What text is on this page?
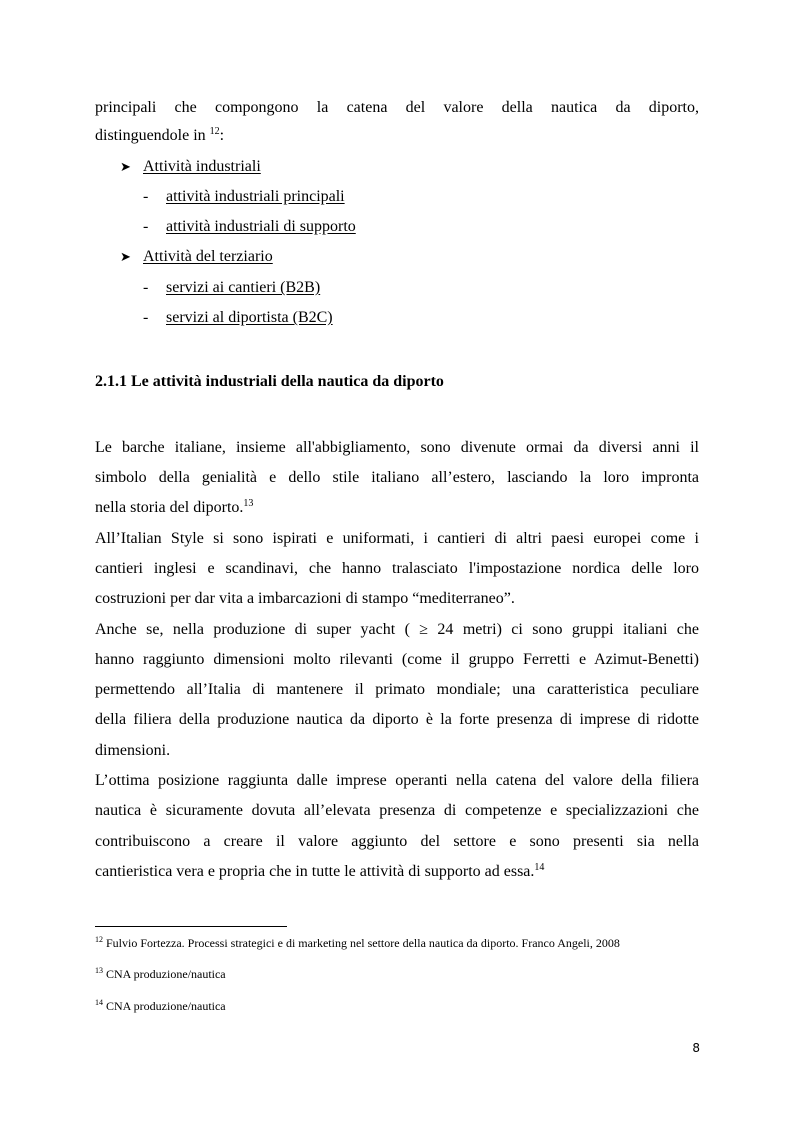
principali che compongono la catena del valore della nautica da diporto,

distinguendole in $^{12}$:
➤ Attività industriali
- attività industriali principali
- attività industriali di supporto
➤ Attività del terziario
- servizi ai cantieri (B2B)
- servizi al diportista (B2C)
2.1.1 Le attività industriali della nautica da diporto

Le barche italiane, insieme all'abbigliamento, sono divenute ormai da diversi anni il

simbolo della genialità e dello stile italiano all’estero, lasciando la loro impronta

nella storia del diporto.$^{13}$

All’Italian Style si sono ispirati e uniformati, i cantieri di altri paesi europei come i

cantieri inglesi e scandinavi, che hanno tralasciato l'impostazione nordica delle loro

costruzioni per dar vita a imbarcazioni di stampo “mediterraneo”.

Anche se, nella produzione di super yacht ( ≥ 24 metri) ci sono gruppi italiani che

hanno raggiunto dimensioni molto rilevanti (come il gruppo Ferretti e Azimut-Benetti)

permettendo all’Italia di mantenere il primato mondiale; una caratteristica peculiare

della filiera della produzione nautica da diporto è la forte presenza di imprese di ridotte

dimensioni.

L’ottima posizione raggiunta dalle imprese operanti nella catena del valore della filiera

nautica è sicuramente dovuta all’elevata presenza di competenze e specializzazioni che

contribuiscono a creare il valore aggiunto del settore e sono presenti sia nella

cantieristica vera e propria che in tutte le attività di supporto ad essa.$^{14}$
$^{12}$ Fulvio Fortezza. Processi strategici e di marketing nel settore della nautica da diporto. Franco Angeli, 2008
$^{13}$ CNA produzione/nautica
$^{14}$ CNA produzione/nautica
8
